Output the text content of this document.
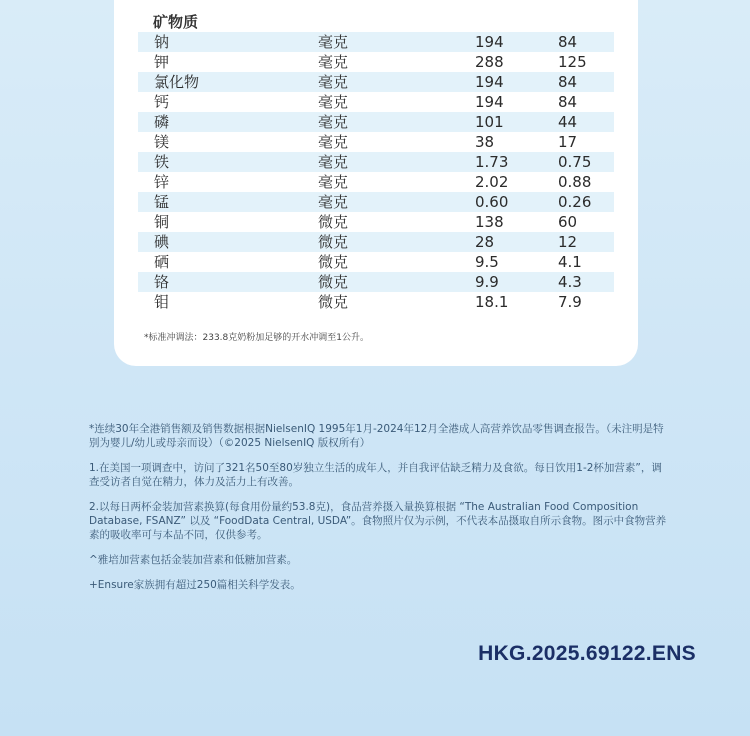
矿物质
钠	毫克	194	84
钾	毫克	288	125
氯化物	毫克	194	84
钙	毫克	194	84
磷	毫克	101	44
镁	毫克	38	17
铁	毫克	1.73	0.75
锌	毫克	2.02	0.88
锰	毫克	0.60	0.26
铜	微克	138	60
碘	微克	28	12
硒	微克	9.5	4.1
铬	微克	9.9	4.3
钼	微克	18.1	7.9
*标准冲调法：233.8克奶粉加足够的开水冲调至1公升。

*连续30年全港销售额及销售数据根据NielsenIQ 1995年1月-2024年12月全港成人高营养饮品零售调查报告。（未注明是特别为婴儿/幼儿或母亲而设）（©2025 NielsenIQ 版权所有）

1.在美国一项调查中，访问了321名50至80岁独立生活的成年人，并自我评估缺乏精力及食欲。每日饮用1-2杯加营素”，调查受访者自觉在精力，体力及活力上有改善。

2.以每日两杯金装加营素换算(每食用份量约53.8克)，食品营养摄入量换算根据 “The Australian Food Composition Database, FSANZ” 以及 “FoodData Central, USDA”。食物照片仅为示例，不代表本品摄取自所示食物。图示中食物营养素的吸收率可与本品不同，仅供参考。

^雅培加营素包括金装加营素和低糖加营素。

+Ensure家族拥有超过250篇相关科学发表。

HKG.2025.69122.ENS
